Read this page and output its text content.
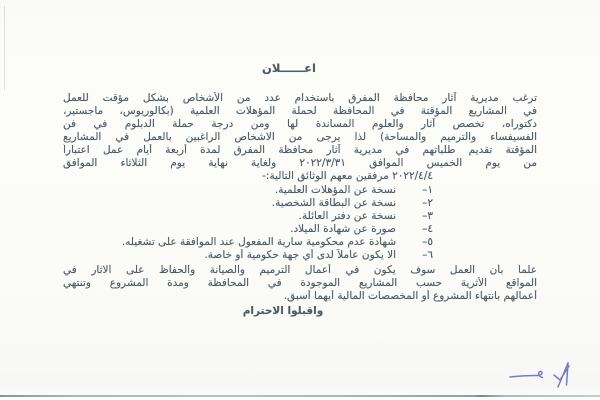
اعــــــلان
ترغب مديرية آثار محافظة المفرق باستخدام عدد من الأشخاص بشكل مؤقت للعمل
في المشاريع المؤقتة في المحافظة لحملة المؤهلات العلمية (بكالوريوس، ماجستير،
دكتوراه، تخصص آثار والعلوم المساندة لها ومن درجة حملة الدبلوم في فن
الفسيفساء والترميم والمساحة) لذا يرجى من الاشخاص الراغبين بالعمل في المشاريع
المؤقتة تقديم طلباتهم في مديرية آثار محافظة المفرق لمدة أربعة أيام عمل اعتباراً
من يوم الخميس الموافق ٢٠٢٢/٣/٣١ ولغاية نهاية يوم الثلاثاء الموافق
٢٠٢٢/٤/٤ مرفقين معهم الوثائق التالية:-
١–
نسخة عن المؤهلات العلمية.
٢–
نسخة عن البطاقة الشخصية.
٣–
نسخة عن دفتر العائلة.
٤–
صورة عن شهادة الميلاد.
٥–
شهادة عدم محكومية سارية المفعول عند الموافقة على تشغيله.
٦–
الا يكون عاملاً لدى أي جهة حكومية أو خاصة.
علماً بأن العمل سوف يكون في أعمال الترميم والصيانة والحفاظ على الاثار في
المواقع الأثرية حسب المشاريع الموجودة في المحافظة ومدة المشروع وتنتهي
أعمالهم بانتهاء المشروع أو المخصصات المالية أيهما أسبق.
واقبلوا الاحترام
